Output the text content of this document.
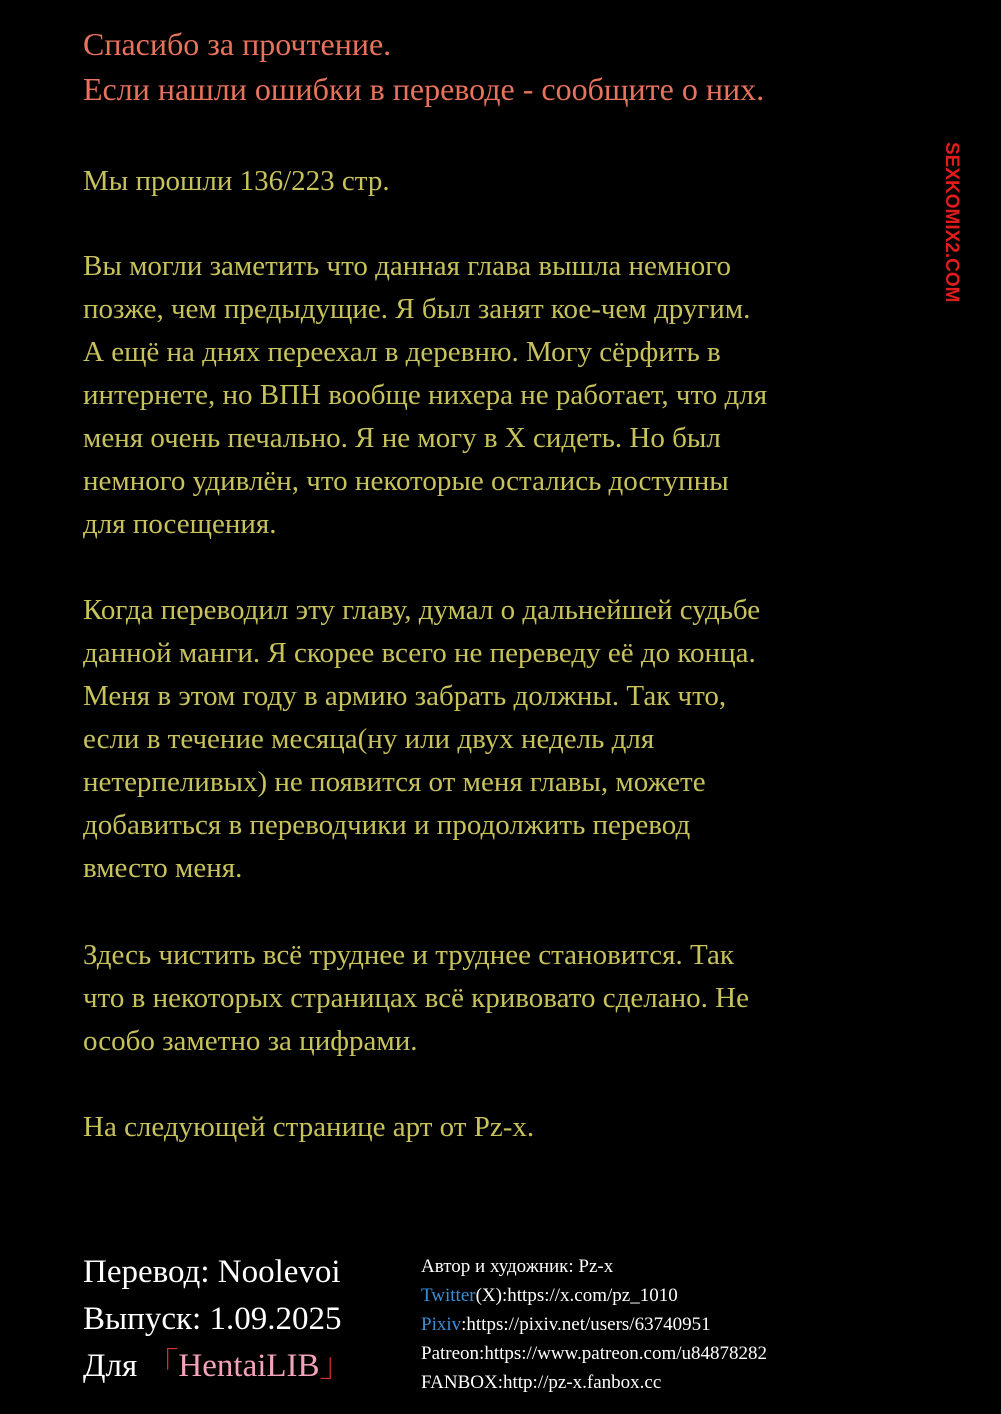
Спасибо за прочтение.
Если нашли ошибки в переводе - сообщите о них.
Мы прошли 136/223 стр.
Вы могли заметить что данная глава вышла немного
позже, чем предыдущие. Я был занят кое-чем другим.
А ещё на днях переехал в деревню. Могу сёрфить в
интернете, но ВПН вообще нихера не работает, что для
меня очень печально. Я не могу в X сидеть. Но был
немного удивлён, что некоторые остались доступны
для посещения.
Когда переводил эту главу, думал о дальнейшей судьбе
данной манги. Я скорее всего не переведу её до конца.
Меня в этом году в армию забрать должны. Так что,
если в течение месяца(ну или двух недель для
нетерпеливых) не появится от меня главы, можете
добавиться в переводчики и продолжить перевод
вместо меня.
Здесь чистить всё труднее и труднее становится. Так
что в некоторых страницах всё кривовато сделано. Не
особо заметно за цифрами.
На следующей странице арт от Pz-x.
Перевод: Noolevoi
Выпуск: 1.09.2025
Для 「HentaiLIB」
Автор и художник: Pz-x
Twitter(X):https://x.com/pz_1010
Pixiv:https://pixiv.net/users/63740951
Patreon:https://www.patreon.com/u84878282
FANBOX:http://pz-x.fanbox.cc
SEXKOMIX2.COM
